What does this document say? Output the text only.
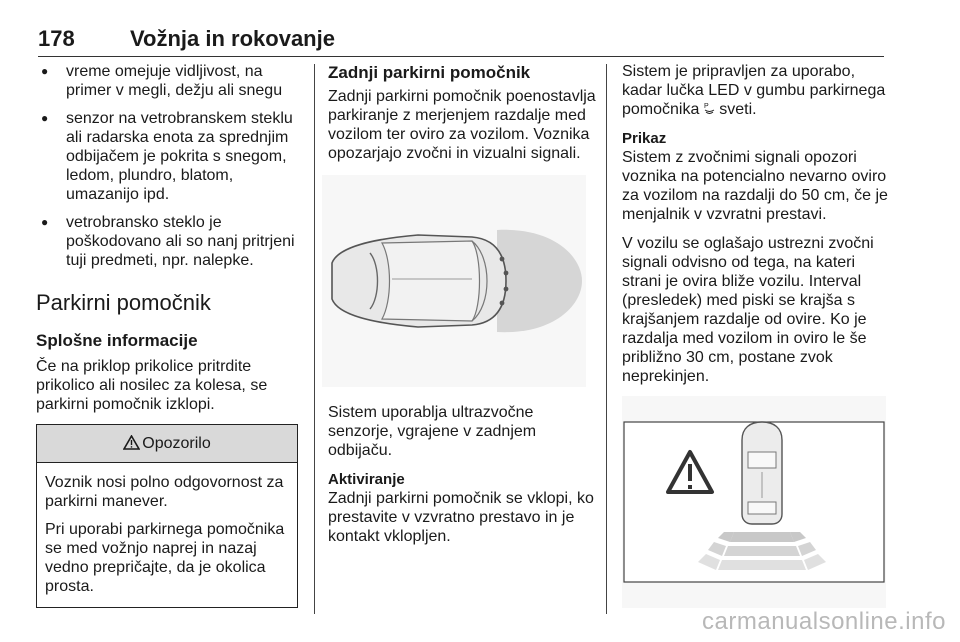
178	Vožnja in rokovanje
● vreme omejuje vidljivost, na primer v megli, dežju ali snegu
● senzor na vetrobranskem steklu ali radarska enota za sprednjim odbijačem je pokrita s snegom, ledom, plundro, blatom, umazanijo ipd.
● vetrobransko steklo je poškodovano ali so nanj pritrjeni tuji predmeti, npr. nalepke.
Parkirni pomočnik
Splošne informacije

Če na priklop prikolice pritrdite prikolico ali nosilec za kolesa, se parkirni pomočnik izklopi.

Opozorilo

Voznik nosi polno odgovornost za parkirni manever.

Pri uporabi parkirnega pomočnika se med vožnjo naprej in nazaj vedno prepričajte, da je okolica prosta.

Zadnji parkirni pomočnik

Zadnji parkirni pomočnik poenostavlja parkiranje z merjenjem razdalje med vozilom ter oviro za vozilom. Voznika opozarjajo zvočni in vizualni signali.

Sistem uporablja ultrazvočne senzorje, vgrajene v zadnjem odbijaču.

Aktiviranje

Zadnji parkirni pomočnik se vklopi, ko prestavite v vzvratno prestavo in je kontakt vklopljen.

Sistem je pripravljen za uporabo, kadar lučka LED v gumbu parkirnega pomočnika P sveti.

Prikaz

Sistem z zvočnimi signali opozori voznika na potencialno nevarno oviro za vozilom na razdalji do 50 cm, če je menjalnik v vzvratni prestavi.

V vozilu se oglašajo ustrezni zvočni signali odvisno od tega, na kateri strani je ovira bliže vozilu. Interval (presledek) med piski se krajša s krajšanjem razdalje od ovire. Ko je razdalja med vozilom in oviro le še približno 30 cm, postane zvok neprekinjen.

carmanualsonline.info
